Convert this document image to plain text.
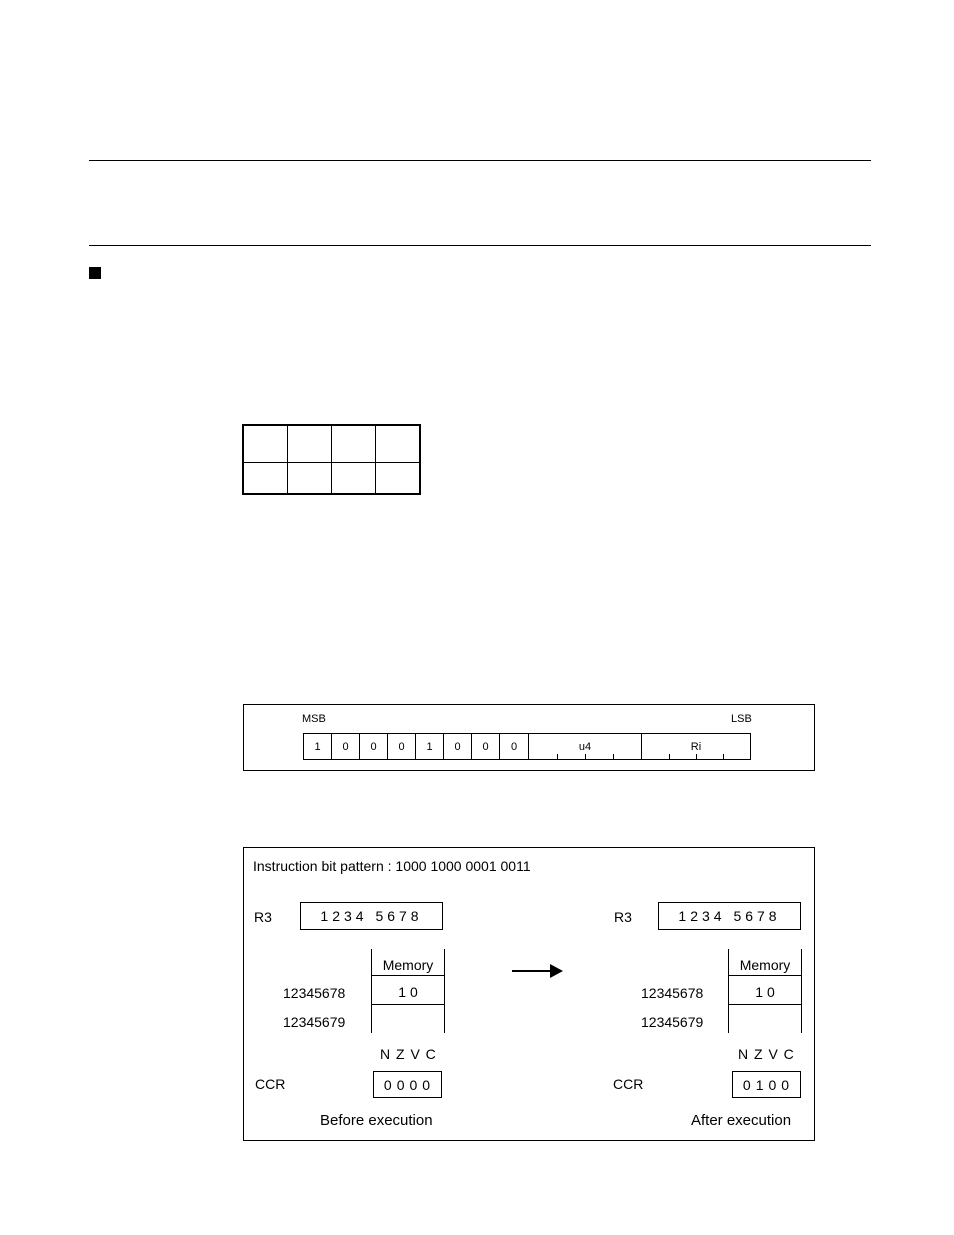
MSB	LSB
1	0	0	0	1	0	0	0	u4	Ri
Instruction bit pattern : 1000 1000 0001 0011
R3	1234 5678
Memory
1 0
12345678
12345679
N Z V C
CCR	0000
Before execution
R3	1234 5678
Memory
1 0
12345678
12345679
N Z V C
CCR	0100
After execution
